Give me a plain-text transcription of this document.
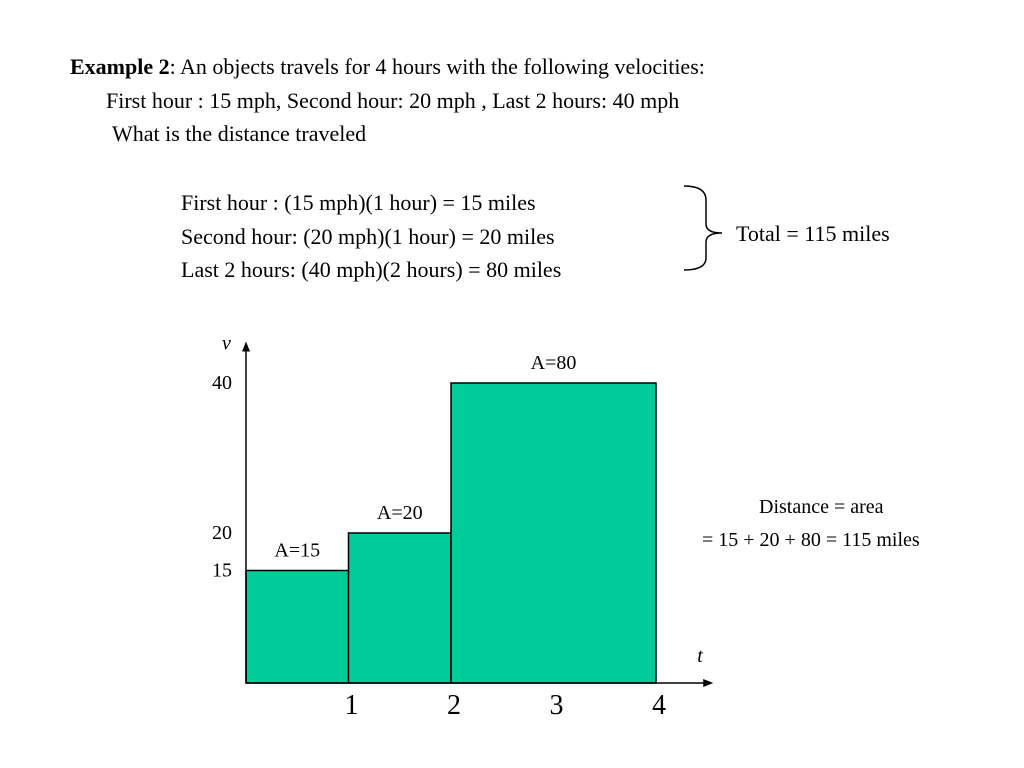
Example 2: An objects travels for 4 hours with the following velocities:
First hour : 15 mph, Second hour: 20 mph , Last 2 hours: 40 mph
What is the distance traveled
First hour : (15 mph)(1 hour) = 15 miles
Second hour: (20 mph)(1 hour) = 20 miles
Last 2 hours: (40 mph)(2 hours) = 80 miles
Total = 115 miles
Distance = area
= 15 + 20 + 80 = 115 miles
A=15
A=20
A=80
v
t
1	2	3	4
15
20
40
